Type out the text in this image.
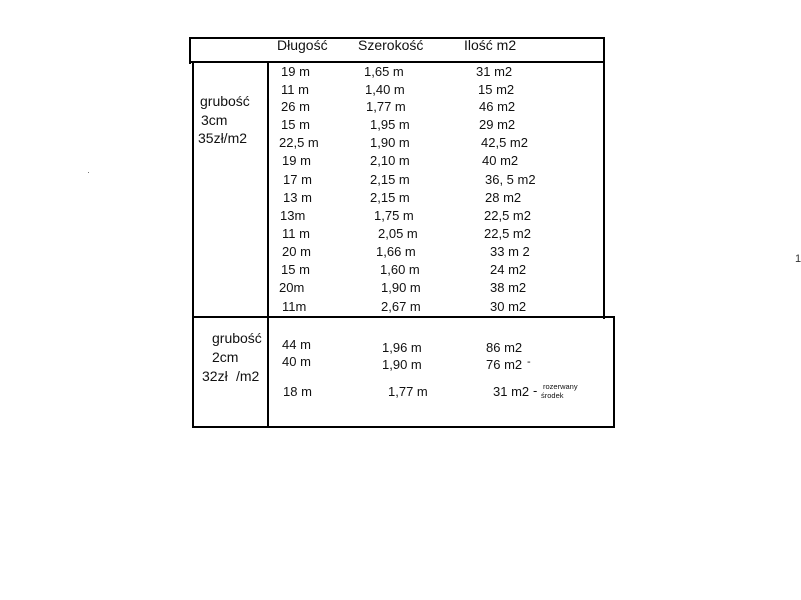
Długość Szerokość	Ilość m2
grubość
3cm
35zł/m2
19 m	1,65 m	31 m2
11 m	1,40 m	15 m2
26 m	1,77 m	46 m2
15 m	1,95 m	29 m2
22,5 m	1,90 m	42,5 m2
19 m	2,10 m	40 m2
17 m	2,15 m	36, 5 m2
13 m	2,15 m	28 m2
13m	1,75 m	22,5 m2
11 m	2,05 m	22,5 m2
20 m	1,66 m	33 m 2
15 m	1,60 m	24 m2
20m	1,90 m	38 m2
11m	2,67 m	30 m2
grubość
2cm
32zł /m2
44 m	1,96 m	86 m2
40 m	1,90 m	76 m2 -
18 m	1,77 m	31 m2 - rozerwany
środek
1
